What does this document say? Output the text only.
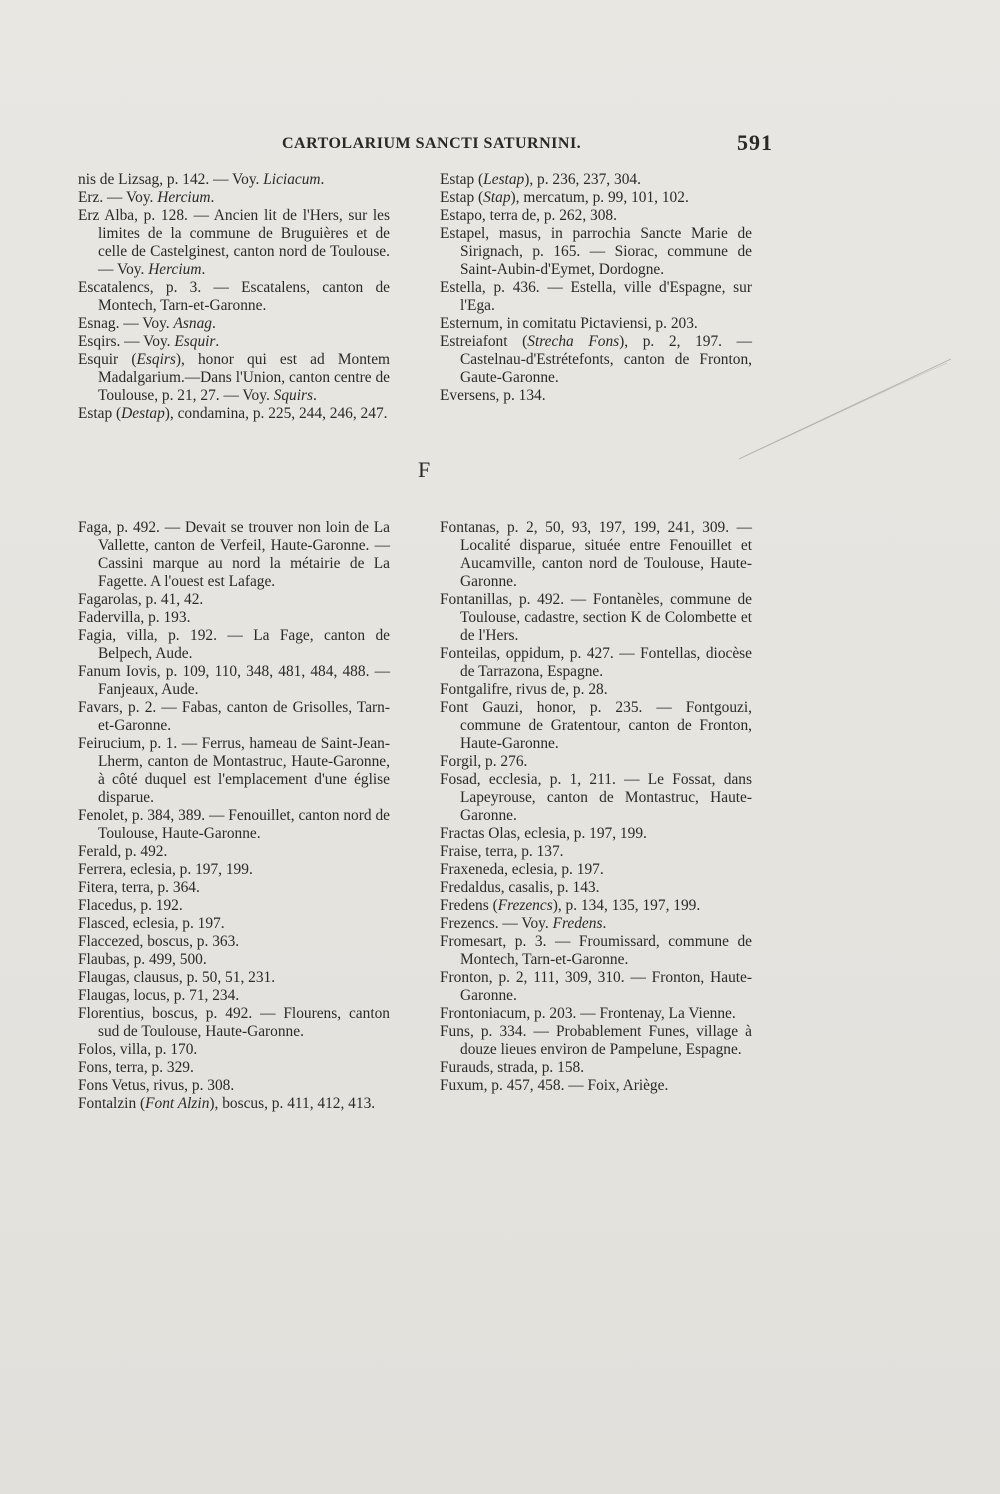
CARTOLARIUM SANCTI SATURNINI.	591

nis de Lizsag, p. 142. — Voy. Liciacum.

Erz. — Voy. Hercium.

Erz Alba, p. 128. — Ancien lit de l'Hers, sur les limites de la commune de Bruguières et de celle de Castelginest, canton nord de Toulouse. — Voy. Hercium.

Escatalencs, p. 3. — Escatalens, canton de Montech, Tarn-et-Garonne.

Esnag. — Voy. Asnag.

Esqirs. — Voy. Esquir.

Esquir (Esqirs), honor qui est ad Montem Madalgarium.—Dans l'Union, canton centre de Toulouse, p. 21, 27. — Voy. Squirs.

Estap (Destap), condamina, p. 225, 244, 246, 247.

Estap (Lestap), p. 236, 237, 304.

Estap (Stap), mercatum, p. 99, 101, 102.

Estapo, terra de, p. 262, 308.

Estapel, masus, in parrochia Sancte Marie de Sirignach, p. 165. — Siorac, commune de Saint-Aubin-d'Eymet, Dordogne.

Estella, p. 436. — Estella, ville d'Espagne, sur l'Ega.

Esternum, in comitatu Pictaviensi, p. 203.

Estreiafont (Strecha Fons), p. 2, 197. — Castelnau-d'Estrétefonts, canton de Fronton, Gaute-Garonne.

Eversens, p. 134.

F

Faga, p. 492. — Devait se trouver non loin de La Vallette, canton de Verfeil, Haute-Garonne. — Cassini marque au nord la métairie de La Fagette. A l'ouest est Lafage.

Fagarolas, p. 41, 42.

Fadervilla, p. 193.

Fagia, villa, p. 192. — La Fage, canton de Belpech, Aude.

Fanum Iovis, p. 109, 110, 348, 481, 484, 488. — Fanjeaux, Aude.

Favars, p. 2. — Fabas, canton de Grisolles, Tarn-et-Garonne.

Feirucium, p. 1. — Ferrus, hameau de Saint-Jean-Lherm, canton de Montastruc, Haute-Garonne, à côté duquel est l'emplacement d'une église disparue.

Fenolet, p. 384, 389. — Fenouillet, canton nord de Toulouse, Haute-Garonne.

Ferald, p. 492.

Ferrera, eclesia, p. 197, 199.

Fitera, terra, p. 364.

Flacedus, p. 192.

Flasced, eclesia, p. 197.

Flaccezed, boscus, p. 363.

Flaubas, p. 499, 500.

Flaugas, clausus, p. 50, 51, 231.

Flaugas, locus, p. 71, 234.

Florentius, boscus, p. 492. — Flourens, canton sud de Toulouse, Haute-Garonne.

Folos, villa, p. 170.

Fons, terra, p. 329.

Fons Vetus, rivus, p. 308.

Fontalzin (Font Alzin), boscus, p. 411, 412, 413.

Fontanas, p. 2, 50, 93, 197, 199, 241, 309. — Localité disparue, située entre Fenouillet et Aucamville, canton nord de Toulouse, Haute-Garonne.

Fontanillas, p. 492. — Fontanèles, commune de Toulouse, cadastre, section K de Colombette et de l'Hers.

Fonteilas, oppidum, p. 427. — Fontellas, diocèse de Tarrazona, Espagne.

Fontgalifre, rivus de, p. 28.

Font Gauzi, honor, p. 235. — Fontgouzi, commune de Gratentour, canton de Fronton, Haute-Garonne.

Forgil, p. 276.

Fosad, ecclesia, p. 1, 211. — Le Fossat, dans Lapeyrouse, canton de Montastruc, Haute-Garonne.

Fractas Olas, eclesia, p. 197, 199.

Fraise, terra, p. 137.

Fraxeneda, eclesia, p. 197.

Fredaldus, casalis, p. 143.

Fredens (Frezencs), p. 134, 135, 197, 199.

Frezencs. — Voy. Fredens.

Fromesart, p. 3. — Froumissard, commune de Montech, Tarn-et-Garonne.

Fronton, p. 2, 111, 309, 310. — Fronton, Haute-Garonne.

Frontoniacum, p. 203. — Frontenay, La Vienne.

Funs, p. 334. — Probablement Funes, village à douze lieues environ de Pampelune, Espagne.

Furauds, strada, p. 158.

Fuxum, p. 457, 458. — Foix, Ariège.
